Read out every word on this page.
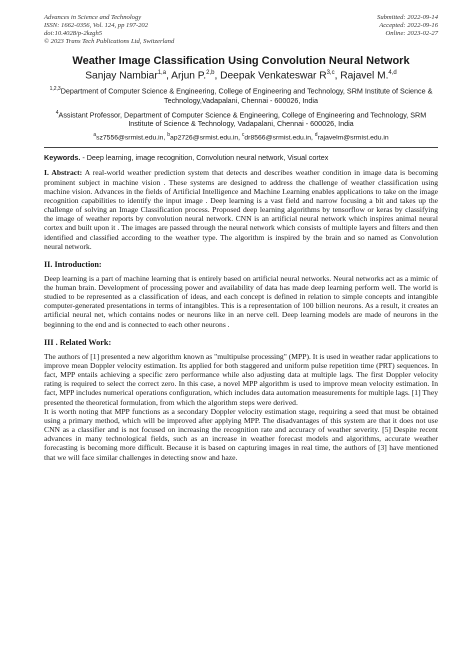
Advances in Science and Technology
ISSN: 1662-0356, Vol. 124, pp 197-202
doi:10.4028/p-2kzgh5
© 2023 Trans Tech Publications Ltd, Switzerland
Submitted: 2022-09-14
Accepted: 2022-09-16
Online: 2023-02-27
Weather Image Classification Using Convolution Neural Network
Sanjay Nambiar$^{1,a}$, Arjun P.$^{2,b}$, Deepak Venkateswar R$^{3,c}$, Rajavel M.$^{4,d}$
$^{1,2,3}$Department of Computer Science & Engineering, College of Engineering and Technology, SRM Institute of Science & Technology,Vadapalani, Chennai - 600026, India
$^4$Assistant Professor, Department of Computer Science & Engineering, College of Engineering and Technology, SRM Institute of Science & Technology, Vadapalani, Chennai - 600026, India
$^a$sz7556@srmist.edu.in, $^b$ap2726@srmist.edu.in, $^c$dr8566@srmist.edu.in, $^d$rajavelm@srmist.edu.in
Keywords. - Deep learning, image recognition, Convolution neural network, Visual cortex
I. Abstract: A real-world weather prediction system that detects and describes weather condition in image data is becoming prominent subject in machine vision . These systems are designed to address the challenge of weather classification using machine vision. Advances in the fields of Artificial Intelligence and Machine Learning enables applications to take on the image recognition capabilities to identify the input image . Deep learning is a vast field and narrow focusing a bit and takes up the challenge of solving an Image Classification process. Proposed deep learning algorithms by tensorflow or keras by classifying the image of weather reports by convolution neural network. CNN is an artificial neural network which inspires animal neural cortex and built upon it . The images are passed through the neural network which consists of multiple layers and filters and then identified and classified according to the weather type. The algorithm is inspired by the brain and so named as Convolution neural network.
II. Introduction:
Deep learning is a part of machine learning that is entirely based on artificial neural networks. Neural networks act as a mimic of the human brain. Development of processing power and availability of data has made deep learning perform well. The world is studied to be represented as a classification of ideas, and each concept is defined in relation to simple concepts and intangible computer-generated presentations in terms of intangibles. This is a representation of 100 billion neurons. As a result, it creates an artificial neural net, which contains nodes or neurons like in an nerve cell. Deep learning models are made of neurons in the beginning to the end and is connected to each other neurons .
III . Related Work:
The authors of [1] presented a new algorithm known as "multipulse processing" (MPP). It is used in weather radar applications to improve mean Doppler velocity estimation. Its applied for both staggered and uniform pulse repetition time (PRT) sequences. In fact, MPP entails achieving a specific zero performance while also adjusting data at multiple lags. The first Doppler velocity rating is required to select the correct zero. In this case, a novel MPP algorithm is used to improve mean velocity estimation. In fact, MPP includes numerical operations configuration, which includes data automation measurements for multiple lags. [1] They presented the theoretical formulation, from which the algorithm steps were derived.
It is worth noting that MPP functions as a secondary Doppler velocity estimation stage, requiring a seed that must be obtained using a primary method, which will be improved after applying MPP. The disadvantages of this system are that it does not use CNN as a classifier and is not focused on increasing the recognition rate and accuracy of weather severity. [5] Despite recent advances in many technological fields, such as an increase in weather forecast models and algorithms, accurate weather forecasting is becoming more difficult. Because it is based on capturing images in real time, the authors of [3] have mentioned that we will face similar challenges in detecting snow and haze.
